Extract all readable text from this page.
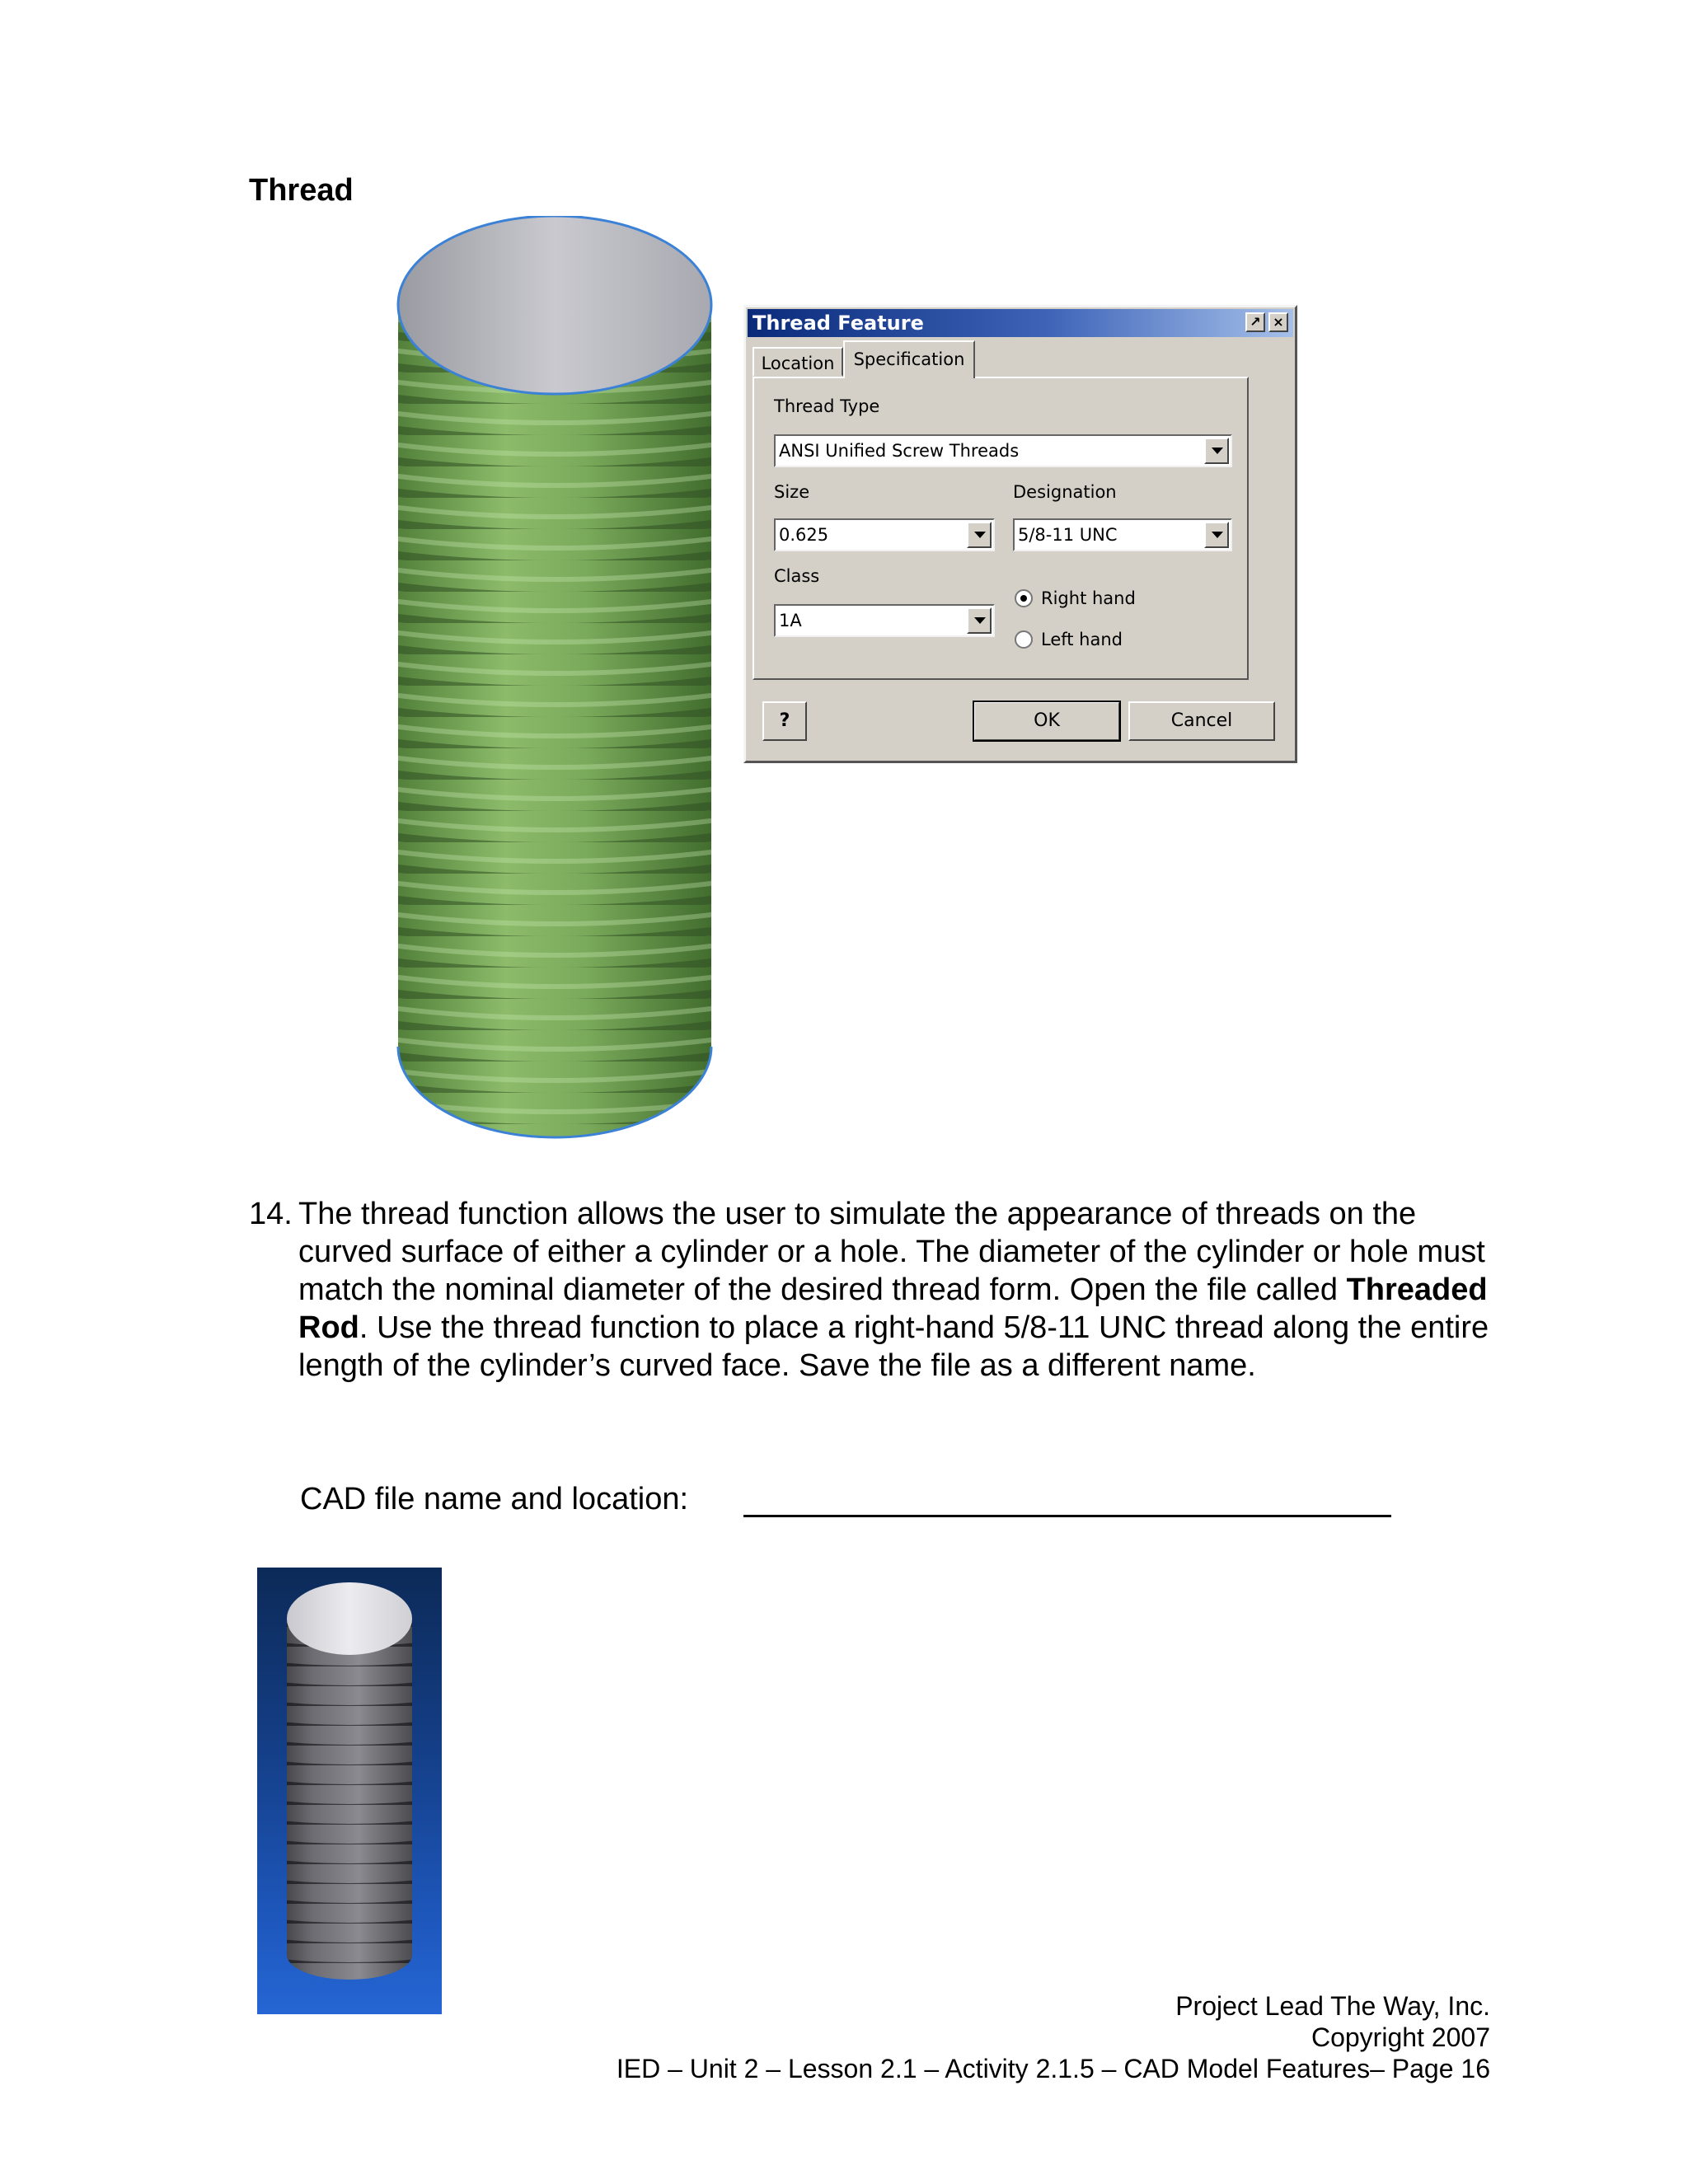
Thread
Thread Feature	↗ ×
Location	Specification
Thread Type
ANSI Unified Screw Threads
Size
0.625
Designation
5/8-11 UNC
Class
1A
Right hand
Left hand
?	OK	Cancel
14. The thread function allows the user to simulate the appearance of threads on the curved surface of either a cylinder or a hole. The diameter of the cylinder or hole must match the nominal diameter of the desired thread form. Open the file called Threaded Rod. Use the thread function to place a right-hand 5/8-11 UNC thread along the entire length of the cylinder’s curved face. Save the file as a different name.
CAD file name and location:
Project Lead The Way, Inc.
Copyright 2007
IED – Unit 2 – Lesson 2.1 – Activity 2.1.5 – CAD Model Features– Page 16
